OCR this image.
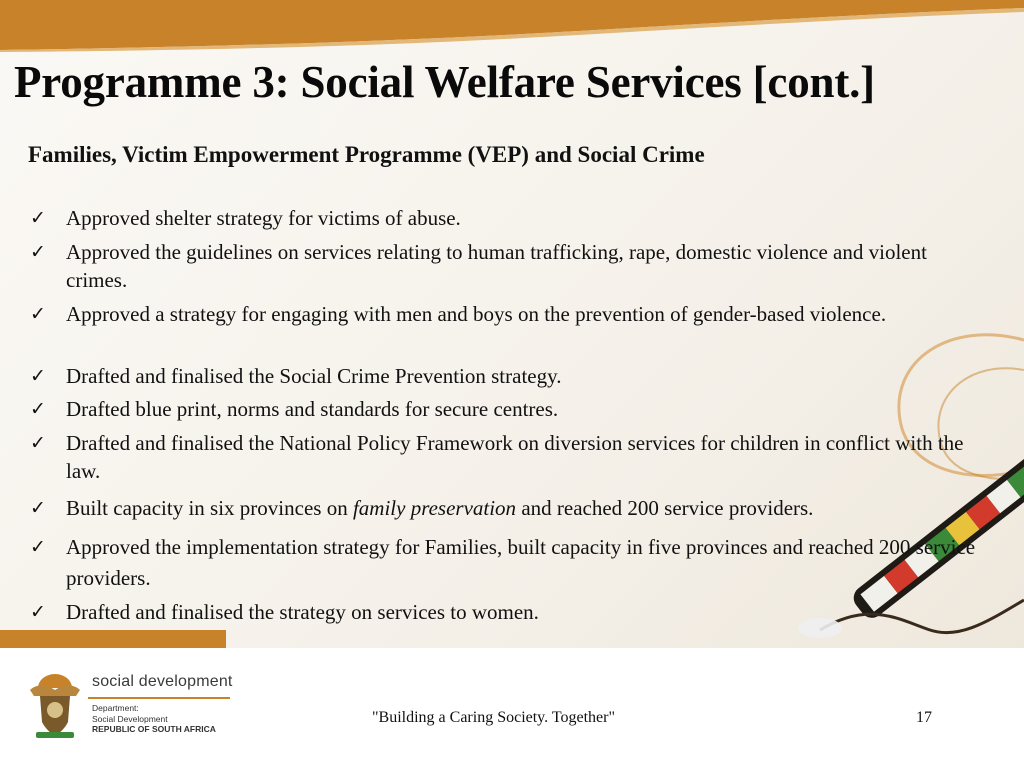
Programme 3: Social Welfare Services [cont.]
Families, Victim Empowerment Programme (VEP) and Social Crime
✓ Approved shelter strategy for victims of abuse.
✓ Approved the guidelines on services relating to human trafficking, rape, domestic violence and violent crimes.
✓ Approved a strategy for engaging with men and boys on the prevention of gender-based violence.
✓ Drafted and finalised the Social Crime Prevention strategy.
✓ Drafted blue print, norms and standards for secure centres.
✓ Drafted and finalised the National Policy Framework on diversion services for children in conflict with the law.
✓ Built capacity in six provinces on family preservation and reached 200 service providers.
✓ Approved the implementation strategy for Families, built capacity in five provinces and reached 200 service providers.
✓ Drafted and finalised the strategy on services to women.

social development

Department:
Social Development
REPUBLIC OF SOUTH AFRICA

"Building a Caring Society. Together"	17
